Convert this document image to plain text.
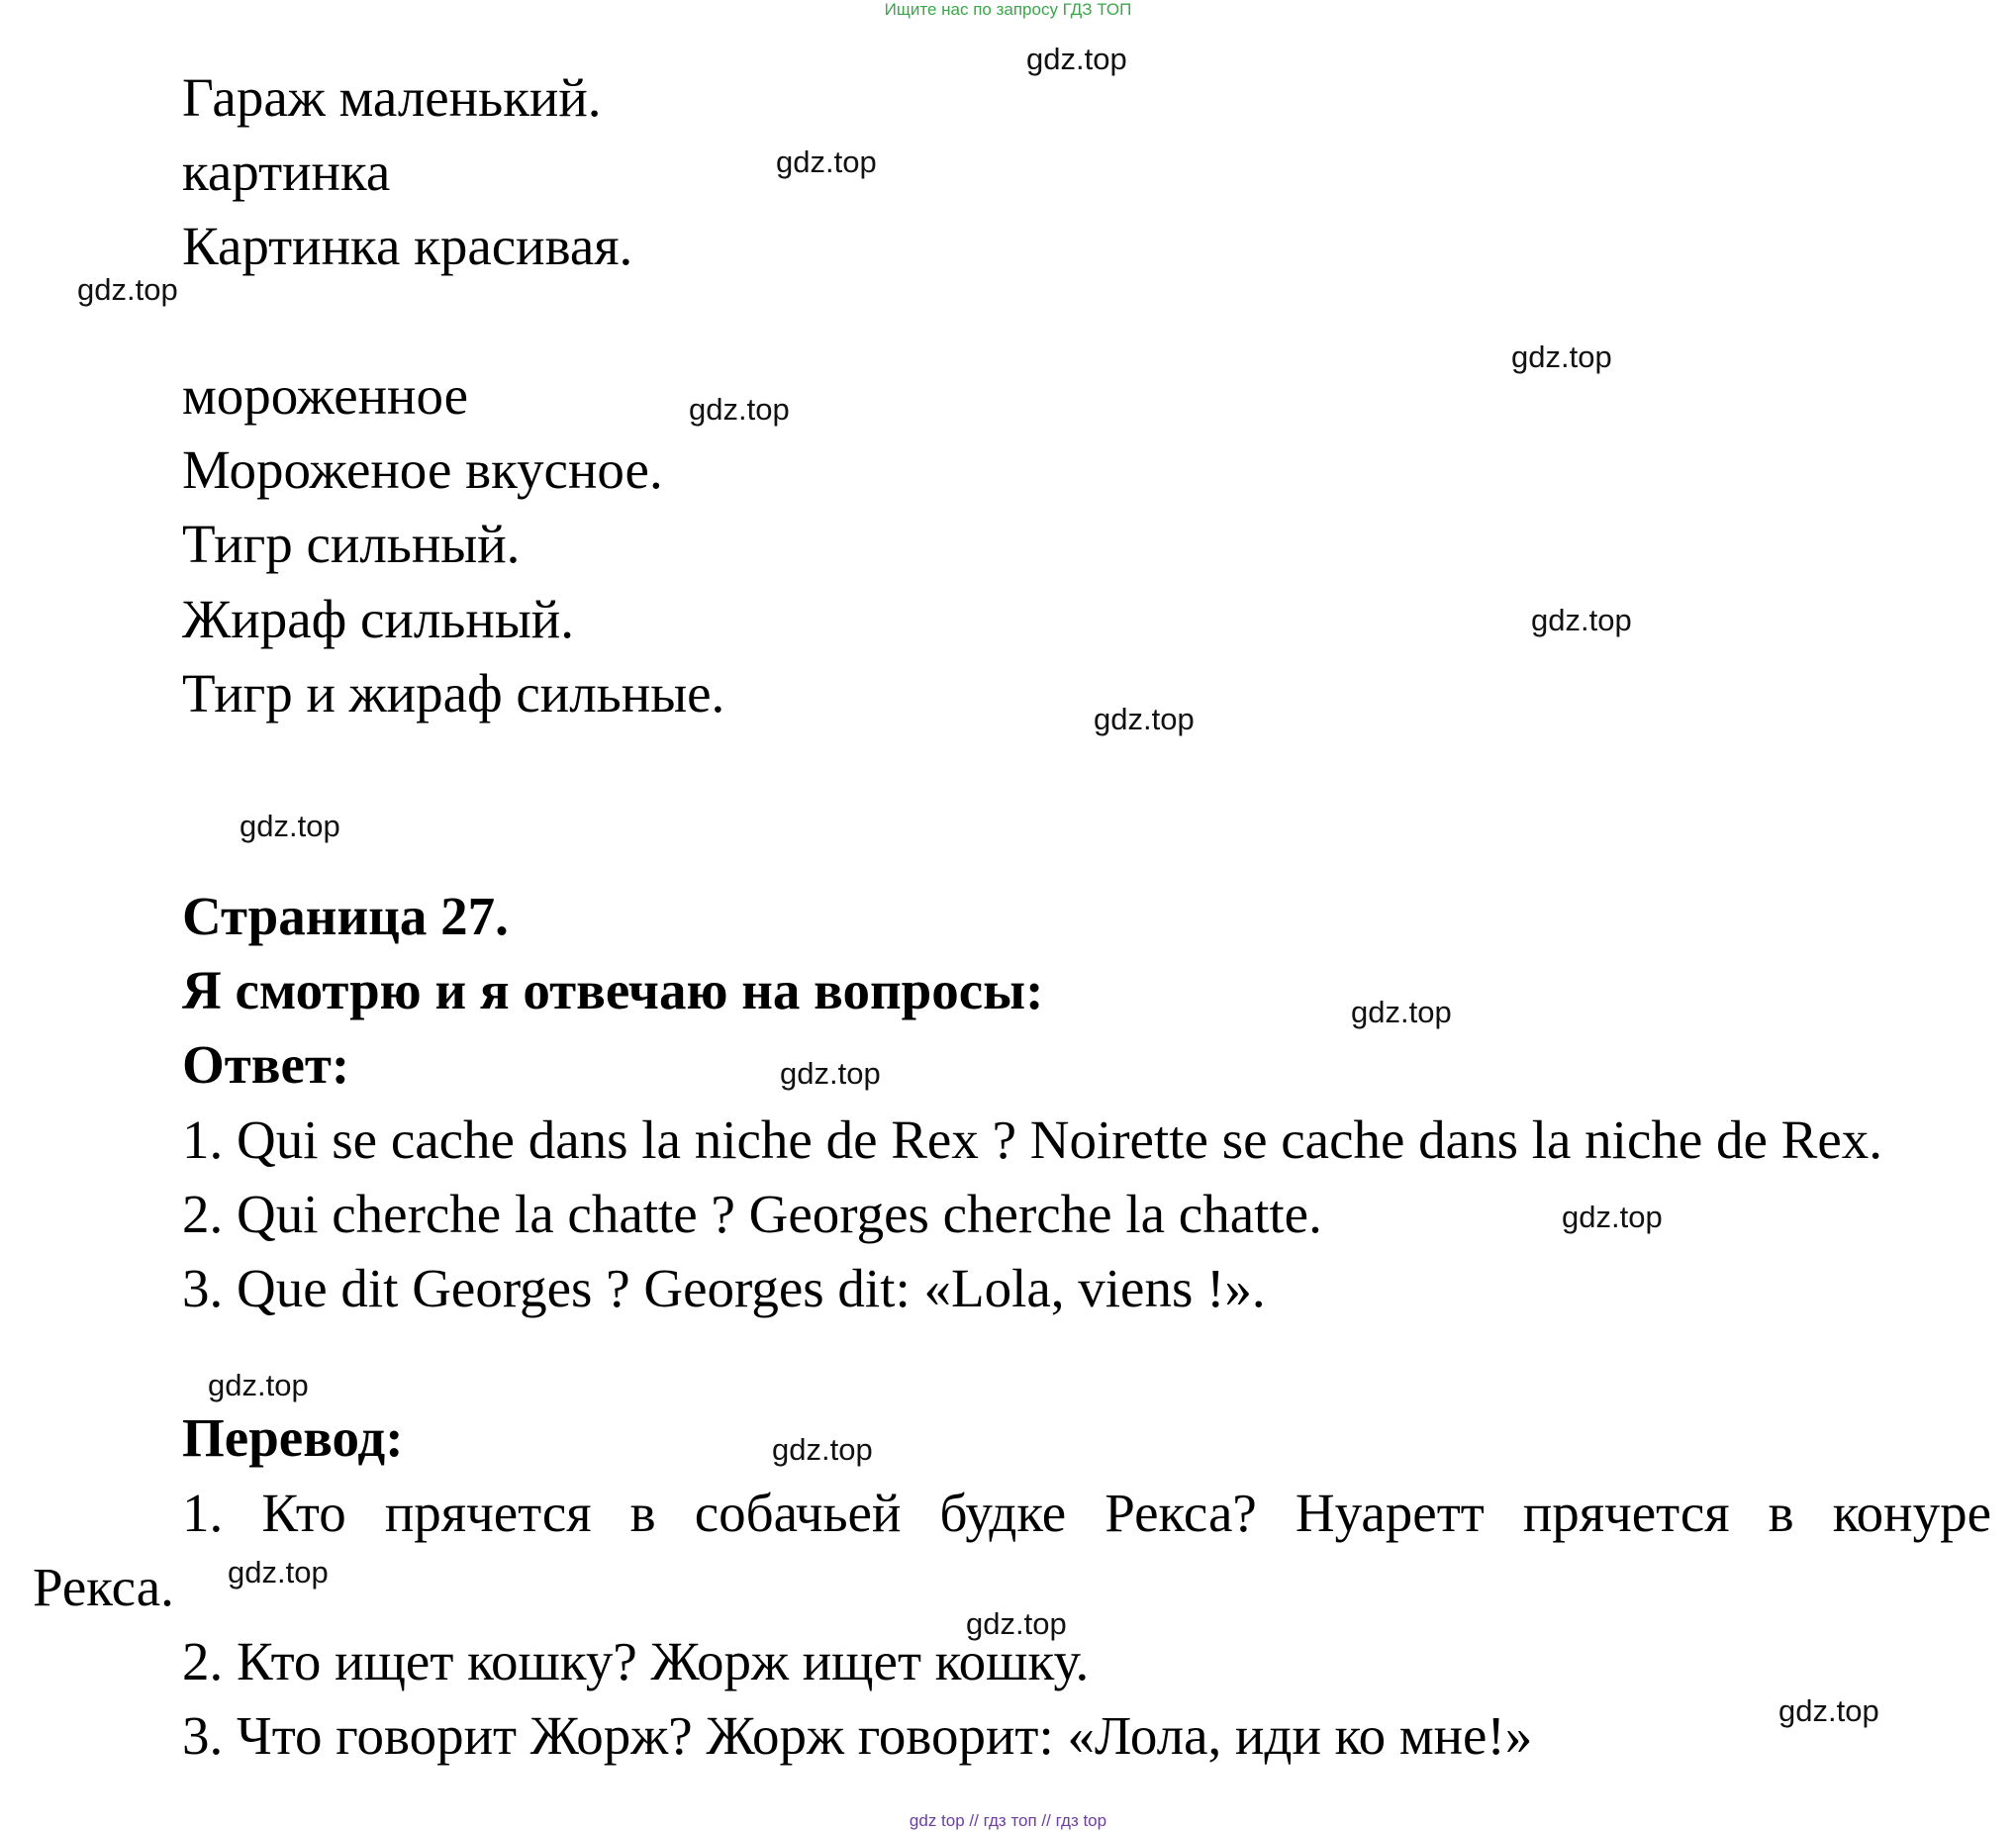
Ищите нас по запросу ГДЗ ТОП
gdz.top
Гараж маленький.
gdz.top
картинка
Картинка красивая.
gdz.top
gdz.top
мороженное	gdz.top
Мороженое вкусное.
Тигр сильный.
gdz.top
Жираф сильный.
Тигр и жираф сильные.	gdz.top
gdz.top
Страница 27.
Я смотрю и я отвечаю на вопросы:	gdz.top
Ответ:	gdz.top
1. Qui se cache dans la niche de Rex ? Noirette se cache dans la niche de Rex.
2. Qui cherche la chatte ? Georges cherche la chatte.	gdz.top
3. Que dit Georges ? Georges dit: «Lola, viens !».
gdz.top
Перевод:	gdz.top
1. Кто прячется в собачьей будке Рекса? Нуаретт прячется в конуре
Рекса. gdz.top
gdz.top
2. Кто ищет кошку? Жорж ищет кошку.
gdz.top
3. Что говорит Жорж? Жорж говорит: «Лола, иди ко мне!»
gdz top // гдз топ // гдз top
